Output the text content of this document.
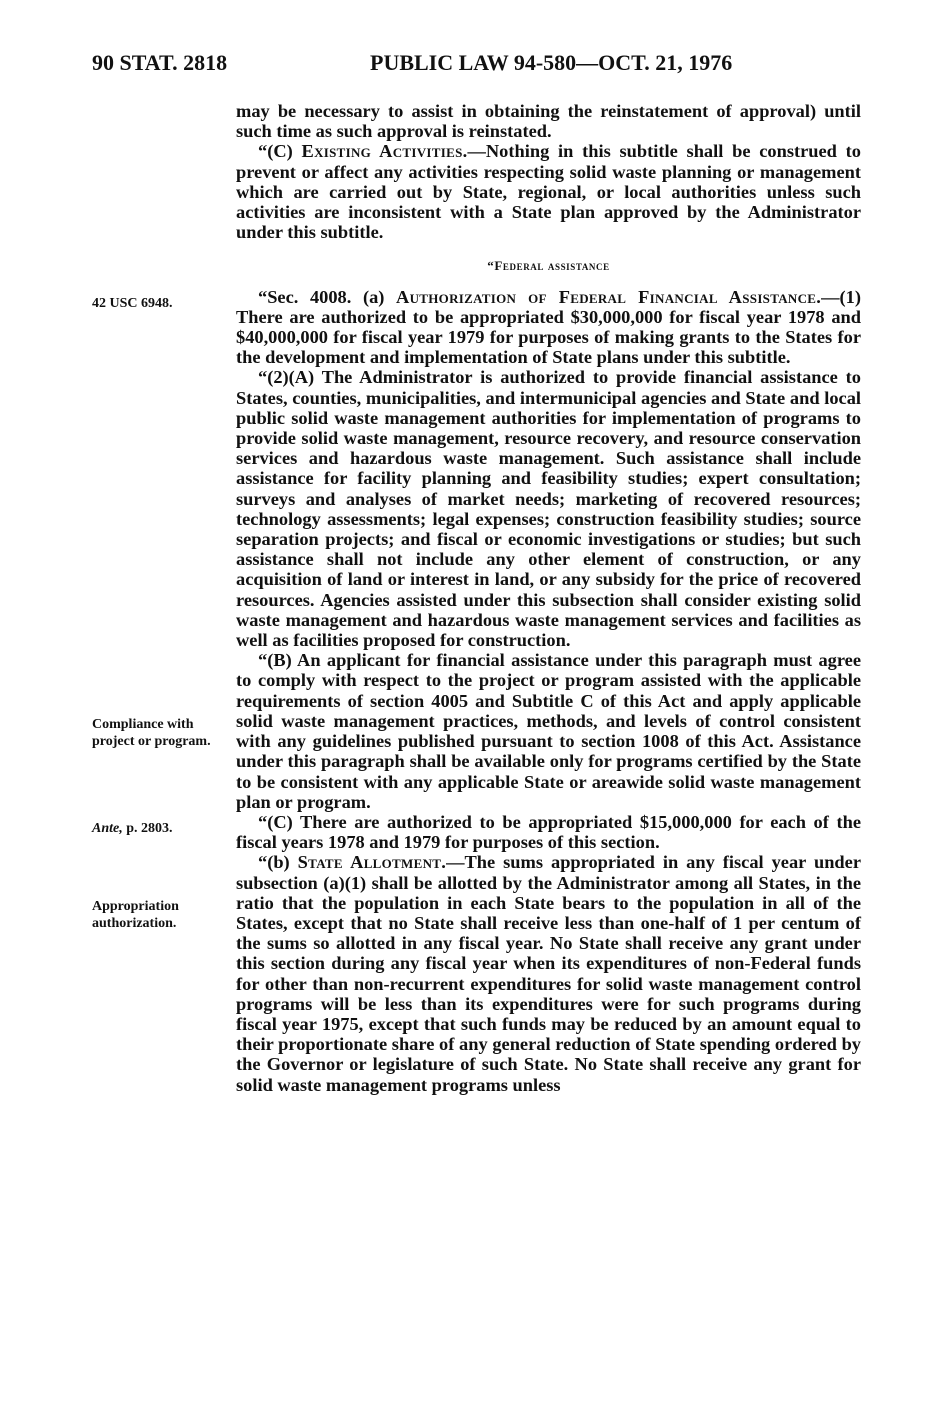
90 STAT. 2818	PUBLIC LAW 94-580—OCT. 21, 1976
42 USC 6948.
Compliance with project or program.
Ante, p. 2803.
Appropriation authorization.

may be necessary to assist in obtaining the reinstatement of approval) until such time as such approval is reinstated.

“(C) Existing Activities.—Nothing in this subtitle shall be construed to prevent or affect any activities respecting solid waste planning or management which are carried out by State, regional, or local authorities unless such activities are inconsistent with a State plan approved by the Administrator under this subtitle.

“Federal assistance

“Sec. 4008. (a) Authorization of Federal Financial Assistance.—(1) There are authorized to be appropriated $30,000,000 for fiscal year 1978 and $40,000,000 for fiscal year 1979 for purposes of making grants to the States for the development and implementation of State plans under this subtitle.

“(2)(A) The Administrator is authorized to provide financial assistance to States, counties, municipalities, and intermunicipal agencies and State and local public solid waste management authorities for implementation of programs to provide solid waste management, resource recovery, and resource conservation services and hazardous waste management. Such assistance shall include assistance for facility planning and feasibility studies; expert consultation; surveys and analyses of market needs; marketing of recovered resources; technology assessments; legal expenses; construction feasibility studies; source separation projects; and fiscal or economic investigations or studies; but such assistance shall not include any other element of construction, or any acquisition of land or interest in land, or any subsidy for the price of recovered resources. Agencies assisted under this subsection shall consider existing solid waste management and hazardous waste management services and facilities as well as facilities proposed for construction.

“(B) An applicant for financial assistance under this paragraph must agree to comply with respect to the project or program assisted with the applicable requirements of section 4005 and Subtitle C of this Act and apply applicable solid waste management practices, methods, and levels of control consistent with any guidelines published pursuant to section 1008 of this Act. Assistance under this paragraph shall be available only for programs certified by the State to be consistent with any applicable State or areawide solid waste management plan or program.

“(C) There are authorized to be appropriated $15,000,000 for each of the fiscal years 1978 and 1979 for purposes of this section.

“(b) State Allotment.—The sums appropriated in any fiscal year under subsection (a)(1) shall be allotted by the Administrator among all States, in the ratio that the population in each State bears to the population in all of the States, except that no State shall receive less than one-half of 1 per centum of the sums so allotted in any fiscal year. No State shall receive any grant under this section during any fiscal year when its expenditures of non-Federal funds for other than non-recurrent expenditures for solid waste management control programs will be less than its expenditures were for such programs during fiscal year 1975, except that such funds may be reduced by an amount equal to their proportionate share of any general reduction of State spending ordered by the Governor or legislature of such State. No State shall receive any grant for solid waste management programs unless
